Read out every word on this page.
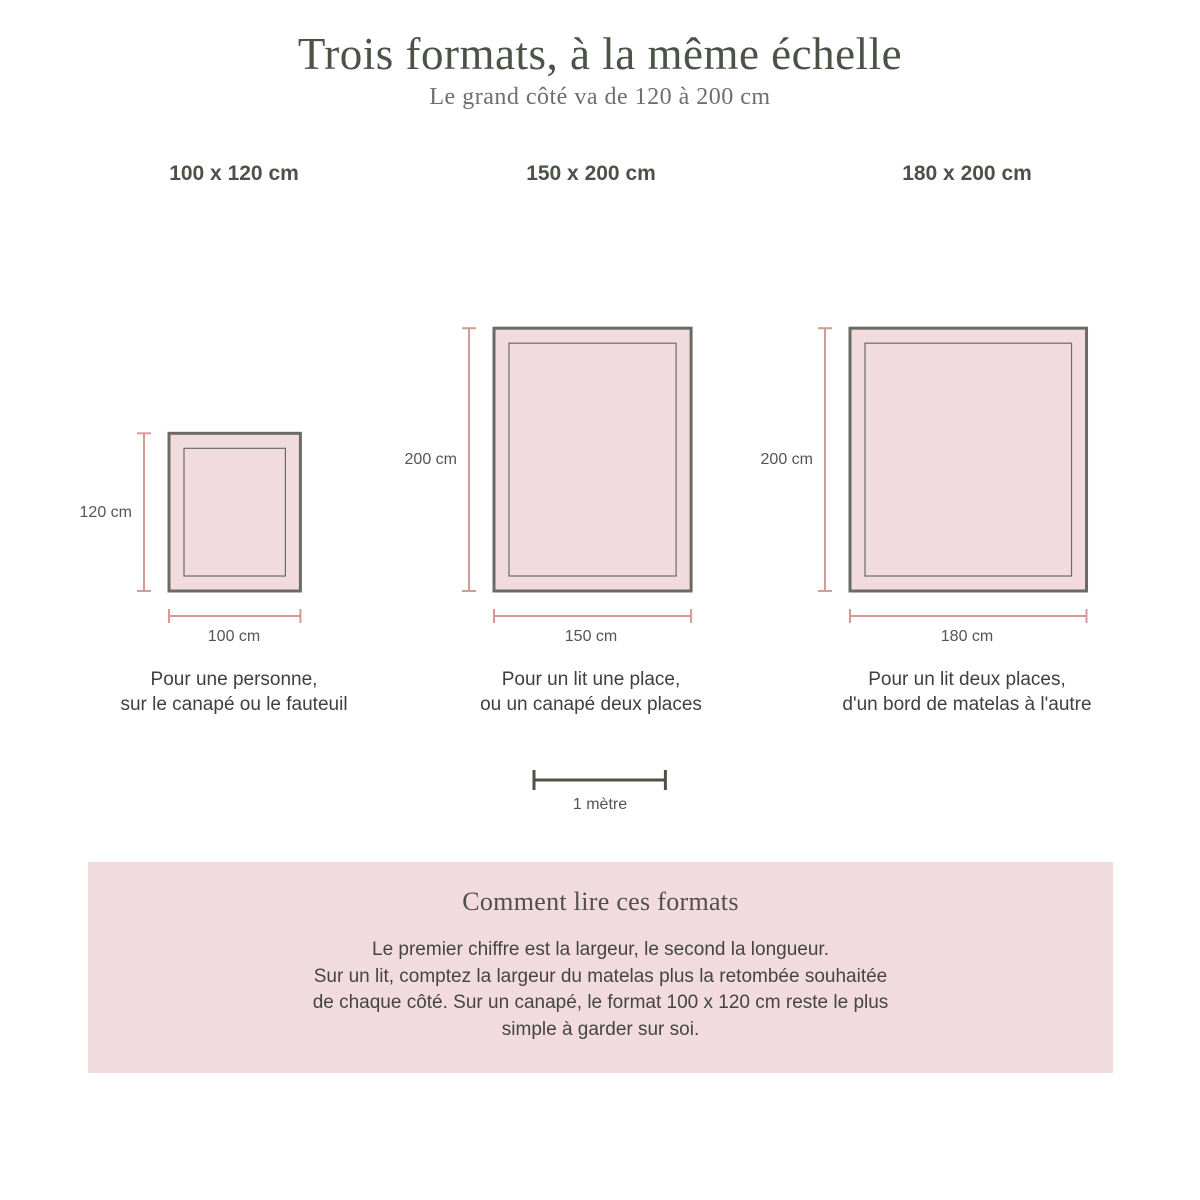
Trois formats, à la même échelle
Le grand côté va de 120 à 200 cm
100 x 120 cm	150 x 200 cm	180 x 200 cm
120 cm
200 cm	200 cm
100 cm	150 cm	180 cm
Pour une personne,
sur le canapé ou le fauteuil
Pour un lit une place,
ou un canapé deux places
Pour un lit deux places,
d'un bord de matelas à l'autre
1 mètre
Comment lire ces formats
Le premier chiffre est la largeur, le second la longueur.
Sur un lit, comptez la largeur du matelas plus la retombée souhaitée
de chaque côté. Sur un canapé, le format 100 x 120 cm reste le plus
simple à garder sur soi.
